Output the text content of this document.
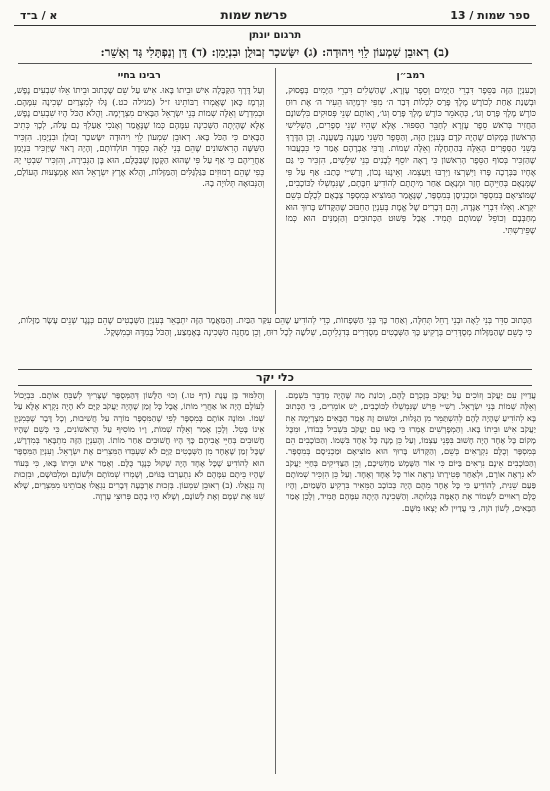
א / ב־ד	פרשת שמות	ספר שמות / 13
תרגום יונתן
(ב) רְאוּבֵן שִׁמְעוֹן לֵוִי וִיהוּדָה: (ג) יִשָּׂשכָר זְבוּלֻן וּבִנְיָמִן: (ד) דָּן וְנַפְתָּלִי גָּד וְאָשֵׁר:
רמב״ן
וְכַעִנְיָן הַזֶּה בַּסֵּפֶר דִּבְרֵי הַיָּמִים וְסֵפֶר עֶזְרָא, שֶׁהַשְׁלִים דִּבְרֵי הַיָּמִים בְּפָסוּק, וּבְשַׁנַת אַחַת לְכוֹרֶשׁ מֶלֶךְ פָּרַס לִכְלוֹת דְּבַר ה׳ מִפִּי יִרְמְיָהוּ הֵעִיר ה׳ אֶת רוּחַ כּוֹרֶשׁ מֶלֶךְ פָּרַס וְגוֹ׳, כְּהָאֹמֵר כּוֹרֶשׁ מֶלֶךְ פָּרַס וְגוֹ׳, וְאוֹתָם שְׁנֵי פְּסוּקִים בִּלְשׁוֹנָם הַחֲזִיר בְּרֹאשׁ סֵפֶר עֶזְרָא לְחַבֵּר הַסִּפּוּר. אֶלָּא שֶׁהֵיוּ שְׁנֵי סְפָרִים, הַשְּׁלִישִׁי הָרִאשׁוֹן בְּמָקוֹם שֶׁהָיָה קֹדֶם בָּעִנְיָן הַזֶּה, וְהַסֵּפֶר הַשֵּׁנִי מַעֲנֶה בְּשַׁעֲנָה. וְכֵן הַדֶּרֶךְ בְּשֵׁנִי הַסְּפָרִים הָאֵלֶּה בְּהַתְחָלָה וְאֵלֶּה שְׁמוֹת. וְרַבִּי אַבְרָהָם אָמַר כִּי כִּבְעֲבוּר שֶׁהַזְכִּיר בְּסוֹף הַסֵּפֶר הָרִאשׁוֹן כִּי רָאָה יוֹסֵף לְבָנִים בְּנֵי שִׁלֵּשִׁים, הִזְכִּיר כִּי גַּם אֶחָיו בַּבְּרָכָה פָּרוּ וַיִּשְׁרְצוּ וַיִּרְבּוּ וַיַּעַצְמוּ. וְאֵינֶנּוּ נָכוֹן, וְרַשִׁ״י כָּתַב: אַף עַל פִּי שֶׁמְּנָאָם בְּחַיֵּיהֶם חָזַר וּמְנָאָם אַחַר מִיתָתָם לְהוֹדִיעַ חִבָּתָם, שֶׁנִּמְשְׁלוּ לַכּוֹכָבִים, שֶׁמּוֹצִיאָם בְּמִסְפָּר וּמַכְנִיסָן בְּמִסְפָּר, שֶׁנֶּאֱמַר הַמּוֹצִיא בְּמִסְפָּר צְבָאָם לְכֻלָּם בְּשֵׁם יִקְרָא. וְאֵלוּ דִּבְרֵי אַגָּדָה, וְהֵם דְּבָרִים שֶׁל אֱמֶת בְּעִנְיַן הַחִבּוּב שֶׁהַקָּדוֹשׁ בָּרוּךְ הוּא מְחַבְּבָם וְכוֹפֵל שְׁמוֹתָם תָּמִיד. אֲבָל פְּשׁוּט הַכְּתוּבִים וְהַזְּמַנִּים הוּא כְּמוֹ שֶׁפֵּירַשְׁתִּי.
רבינו בחיי
וְעַל דֶּרֶךְ הַקַּבָּלָה אִישׁ וּבֵיתוֹ בָּאוּ. אִישׁ עַל שֵׁם שֶׁכְּתוּב וּבֵיתוֹ אֵלּוּ שִׁבְעִים נֶפֶשׁ, וְנִרְמָז כָּאן שֶׁאֲמְרוּ רַבּוֹתֵינוּ ז״ל (מגילה כט.) גָּלוּ לְמִצְרַיִם שְׁכִינָה עִמָּהֶם. וּבְמִדְרָשׁ וְאֵלֶּה שְׁמוֹת בְּנֵי יִשְׂרָאֵל הַבָּאִים מִצְרָיְמָה. וְהֲלֹא הַכֹּל הָיוּ שִׁבְעִים נֶפֶשׁ, אֶלָּא שֶׁהָיְתָה הַשְּׁכִינָה עִמָּהֶם כְּמוֹ שֶׁנֶּאֱמַר וְאָנֹכִי אַעַלְךָ גַם עָלֹה, לְכָךְ כְּתִיב הַבָּאִים כִּי הַכֹּל בָּאוּ. רְאוּבֵן שִׁמְעוֹן לֵוִי וִיהוּדָה יִשָּׂשכָר זְבוּלֻן וּבִנְיָמִן. הִזְכִּיר הַשִּׁשָּׁה הָרִאשׁוֹנִים שֶׁהֵם בְּנֵי לֵאָה כְּסֵדֶר תּוֹלְדוֹתָם, וְהָיָה רָאוּי שֶׁיַּזְכִּיר בִּנְיָמִן אַחֲרֵיהֶם כִּי אַף עַל פִּי שֶׁהוּא הַקָּטָן שֶׁבַּכֻּלָּם, הוּא בֶּן הַגְּבִירָה, וְהִזְכִּיר שִׁבְטֵי יָהּ כְּפִי שֶׁהֵם רְמוּזִים בַּגַּלְגַּלִּים וְהַמַּזָּלוֹת, וְהֲלֹא אֶרֶץ יִשְׂרָאֵל הוּא אֶמְצָעוּת הָעוֹלָם, וְהַנְּבוּאָה תְּלוּיָה בָהּ.
הַכְּתוּב סִדֵּר בְּנֵי לֵאָה וּבְנֵי רָחֵל תְּחִלָּה, וְאַחַר כָּךְ בְּנֵי הַשְּׁפָחוֹת, כְּדֵי לְהוֹדִיעַ שֶׁהֵם עִקַּר הַבַּיִת. וְהַמַּאֲמָר הַזֶּה יִתְבָּאֵר בְּעִנְיַן הַשְּׁבָטִים שֶׁהֵם כְּנֶגֶד שְׁנֵים עָשָׂר מַזָּלוֹת, כִּי כְּשֵׁם שֶׁהַמַּזָּלוֹת מְסֻדָּרִים בְּרָקִיעַ כָּךְ הַשְּׁבָטִים מְסֻדָּרִים בְּדִגְלֵיהֶם, שְׁלשָׁה לְכָל רוּחַ, וְכֵן מַחֲנֵה הַשְּׁכִינָה בָּאֶמְצַע, וְהַכֹּל בְּמִדָּה וּבְמִשְׁקָל.
כלי יקר
עֲדַיִין עִם יַעֲקֹב וְזוֹכִים עַל יַעֲקֹב בְּזָכְרָם לָהֶם, וְכוֹנַת מַה שֶּׁהָיָה מְדַבֵּר בִּשְׁמָם. וְאֵלֶּה שְׁמוֹת בְּנֵי יִשְׂרָאֵל. רַשִׁ״י פֵּרֵשׁ שֶׁנִּמְשְׁלוּ לַכּוֹכָבִים, יֵשׁ אוֹמְרִים, כִּי הַכְּתוּב בָּא לְהוֹדִיעַ שֶׁהָיָה לָהֶם לְהִשְׁתַּמֵּר מִן הַגָּלוּת, וּמִשּׁוּם זֶה אָמַר הַבָּאִים מִצְרָיְמָה אֵת יַעֲקֹב אִישׁ וּבֵיתוֹ בָּאוּ. וְהַמְפָרְשִׁים אָמְרוּ כִּי בָּאוּ עִם יַעֲקֹב בִּשְׁבִיל כְּבוֹדוֹ, וּמִכָּל מָקוֹם כָּל אֶחָד הָיָה חָשׁוּב בִּפְנֵי עַצְמוֹ, וְעַל כֵּן מָנָה כָּל אֶחָד בִּשְׁמוֹ. וְהַכּוֹכָבִים הֵם בְּמִסְפָּר וְכֻלָּם נִקְרָאִים בְּשֵׁם, וְהַקָּדוֹשׁ בָּרוּךְ הוּא מוֹצִיאָם וּמַכְנִיסָם בְּמִסְפָּר. וְהַכּוֹכָבִים אֵינָם נִרְאִים בַּיּוֹם כִּי אוֹר הַשֶּׁמֶשׁ מַחְשִׁיכָם, וְכֵן הַצַּדִּיקִים בְּחַיֵּי יַעֲקֹב לֹא נִרְאָה אוֹרָם, וּלְאַחַר פְּטִירָתוֹ נִרְאָה אוֹר כָּל אֶחָד וְאֶחָד. וְעַל כֵּן הִזְכִּיר שְׁמוֹתָם פַּעַם שֵׁנִית, לְהוֹדִיעַ כִּי כָּל אֶחָד מֵהֶם הָיָה כְּכוֹכָב הַמֵּאִיר בִּרְקִיעַ הַשָּׁמַיִם, וְהָיוּ כֻּלָּם רְאוּיִים לִשְׁמוֹר אֶת הָאֻמָּה בְּגָלוּתָהּ. וְהַשְּׁכִינָה הָיְתָה עִמָּהֶם תָּמִיד, וְלָכֵן אָמַר הַבָּאִים, לְשׁוֹן הֹוֶה, כִּי עֲדַיִין לֹא יָצְאוּ מִשָּׁם.
וְהַלִּמּוּד בֶּן עֲנָת (דף טו.) וְכוּ׳ הַלָּשׁוֹן דְּהַמְּסֻפָּר שֶׁצָּרִיךְ לְשַׁבֵּחַ אוֹתָם. כִּבְיָכוֹל לְעוֹלָם הָיָה אוֹ אַחֲרֵי מוֹתוֹ, אֲבָל כָּל זְמַן שֶׁהָיָה יַעֲקֹב קַיָּם לֹא הָיָה נִקְרָא אֶלָּא עַל שְׁמוֹ. וּמוֹנֶה אוֹתָם בְּמִסְפָּר לְפִי שֶׁהַמִּסְפָּר מוֹרֶה עַל חֲשִׁיבוּת, וְכָל דָּבָר שֶׁבְּמִנְיָן אֵינוֹ בָּטֵל. וְלָכֵן אָמַר וְאֵלֶּה שְׁמוֹת, וָ״ו מוֹסִיף עַל הָרִאשׁוֹנִים, כִּי כְּשֵׁם שֶׁהָיוּ חֲשׁוּבִים בְּחַיֵּי אֲבִיהֶם כָּךְ הָיוּ חֲשׁוּבִים אַחַר מוֹתוֹ. וְהָעִנְיָן הַזֶּה מִתְבָּאֵר בְּמִדְרָשׁ, שֶׁכָּל זְמַן שֶׁאֶחָד מִן הַשְּׁבָטִים קַיָּם לֹא שִׁעְבְּדוּ הַמִּצְרִים אֶת יִשְׂרָאֵל. וְעִנְיַן הַמִּסְפָּר הוּא לְהוֹדִיעַ שֶׁכָּל אֶחָד הָיָה שָׁקוּל כְּנֶגֶד כֻּלָּם. וְאָמַר אִישׁ וּבֵיתוֹ בָּאוּ, כִּי בְּעוֹד שֶׁהָיוּ בֵּיתָם עִמָּהֶם לֹא נִתְעַרְבוּ בַּגּוֹיִם, וְשָׁמְרוּ שְׁמוֹתָם וּלְשׁוֹנָם וּמַלְבּוּשָׁם, וּבִזְכוּת זֶה נִגְאֲלוּ. (ב) רְאוּבֵן שִׁמְעוֹן. בְּזְכוּת אַרְבָּעָה דְּבָרִים נִגְאֲלוּ אֲבוֹתֵינוּ מִמִּצְרַיִם, שֶׁלֹּא שִׁנּוּ אֶת שְׁמָם וְאֶת לְשׁוֹנָם, וְשֶׁלֹּא הָיוּ בָהֶם פְּרוּצֵי עֶרְוָה.
